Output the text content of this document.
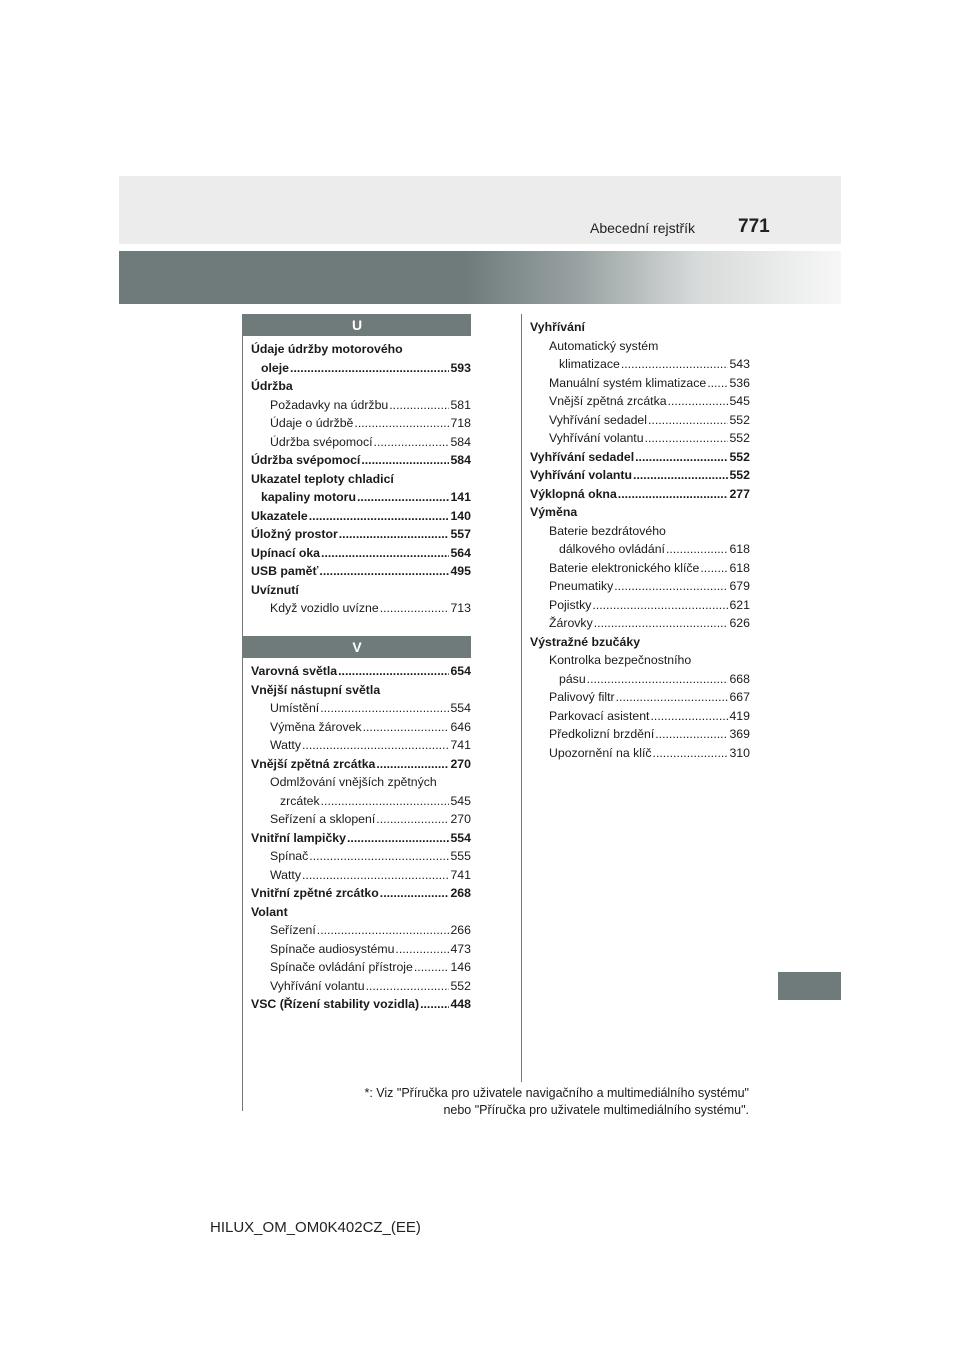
Abecední rejstřík 771
U
Údaje údržby motorového
oleje .....	593
Údržba
Požadavky na údržbu .....	581
Údaje o údržbě .....	718
Údržba svépomocí .....	584
Údržba svépomocí .....	584
Ukazatel teploty chladicí
kapaliny motoru .....	141
Ukazatele .....	140
Úložný prostor .....	557
Upínací oka .....	564
USB paměť .....	495
Uvíznutí
Když vozidlo uvízne .....	713
V
Varovná světla .....	654
Vnější nástupní světla
Umístění .....	554
Výměna žárovek .....	646
Watty .....	741
Vnější zpětná zrcátka .....	270
Odmlžování vnějších zpětných
zrcátek .....	545
Seřízení a sklopení .....	270
Vnitřní lampičky .....	554
Spínač .....	555
Watty .....	741
Vnitřní zpětné zrcátko .....	268
Volant
Seřízení .....	266
Spínače audiosystému .....	473
Spínače ovládání přístroje .....	146
Vyhřívání volantu .....	552
VSC (Řízení stability vozidla) .....	448
Vyhřívání
Automatický systém
klimatizace .....	543
Manuální systém klimatizace ..... 536
Vnější zpětná zrcátka .....	545
Vyhřívání sedadel .....	552
Vyhřívání volantu .....	552
Vyhřívání sedadel .....	552
Vyhřívání volantu .....	552
Výklopná okna .....	277
Výměna
Baterie bezdrátového
dálkového ovládání .....	618
Baterie elektronického klíče ..... 618
Pneumatiky .....	679
Pojistky .....	621
Žárovky .....	626
Výstražné bzučáky
Kontrolka bezpečnostního
pásu .....	668
Palivový filtr .....	667
Parkovací asistent .....	419
Předkolizní brzdění .....	369
Upozornění na klíč .....	310
*: Viz "Příručka pro uživatele navigačního a multimediálního systému"
nebo "Příručka pro uživatele multimediálního systému".
HILUX_OM_OM0K402CZ_(EE)
